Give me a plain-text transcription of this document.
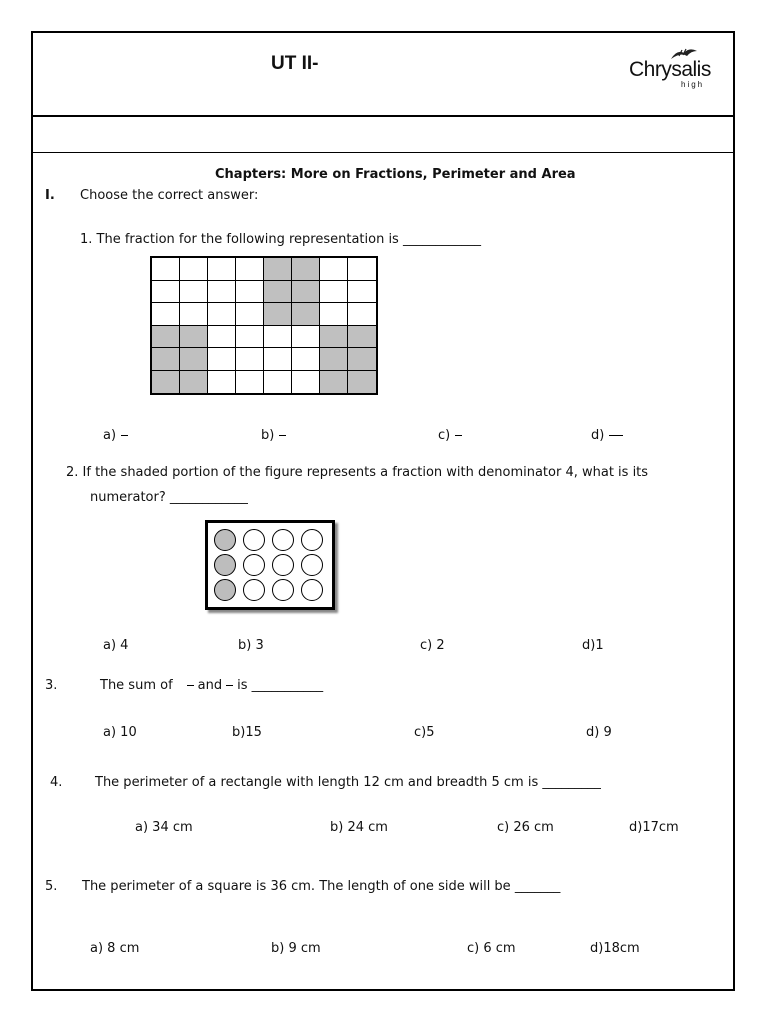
UT II-	Chrysalis
high
Chapters: More on Fractions, Perimeter and Area
I. Choose the correct answer:
1. The fraction for the following representation is ____________
a)	b)	c)	d)
2. If the shaded portion of the figure represents a fraction with denominator 4, what is its
numerator? ____________
a) 4	b) 3	c) 2	d)1
3.	The sum of and is ___________
a) 10	b)15	c)5	d) 9
4.	The perimeter of a rectangle with length 12 cm and breadth 5 cm is _________
a) 34 cm	b) 24 cm	c) 26 cm	d)17cm
5. The perimeter of a square is 36 cm. The length of one side will be _______
a) 8 cm	b) 9 cm	c) 6 cm	d)18cm
